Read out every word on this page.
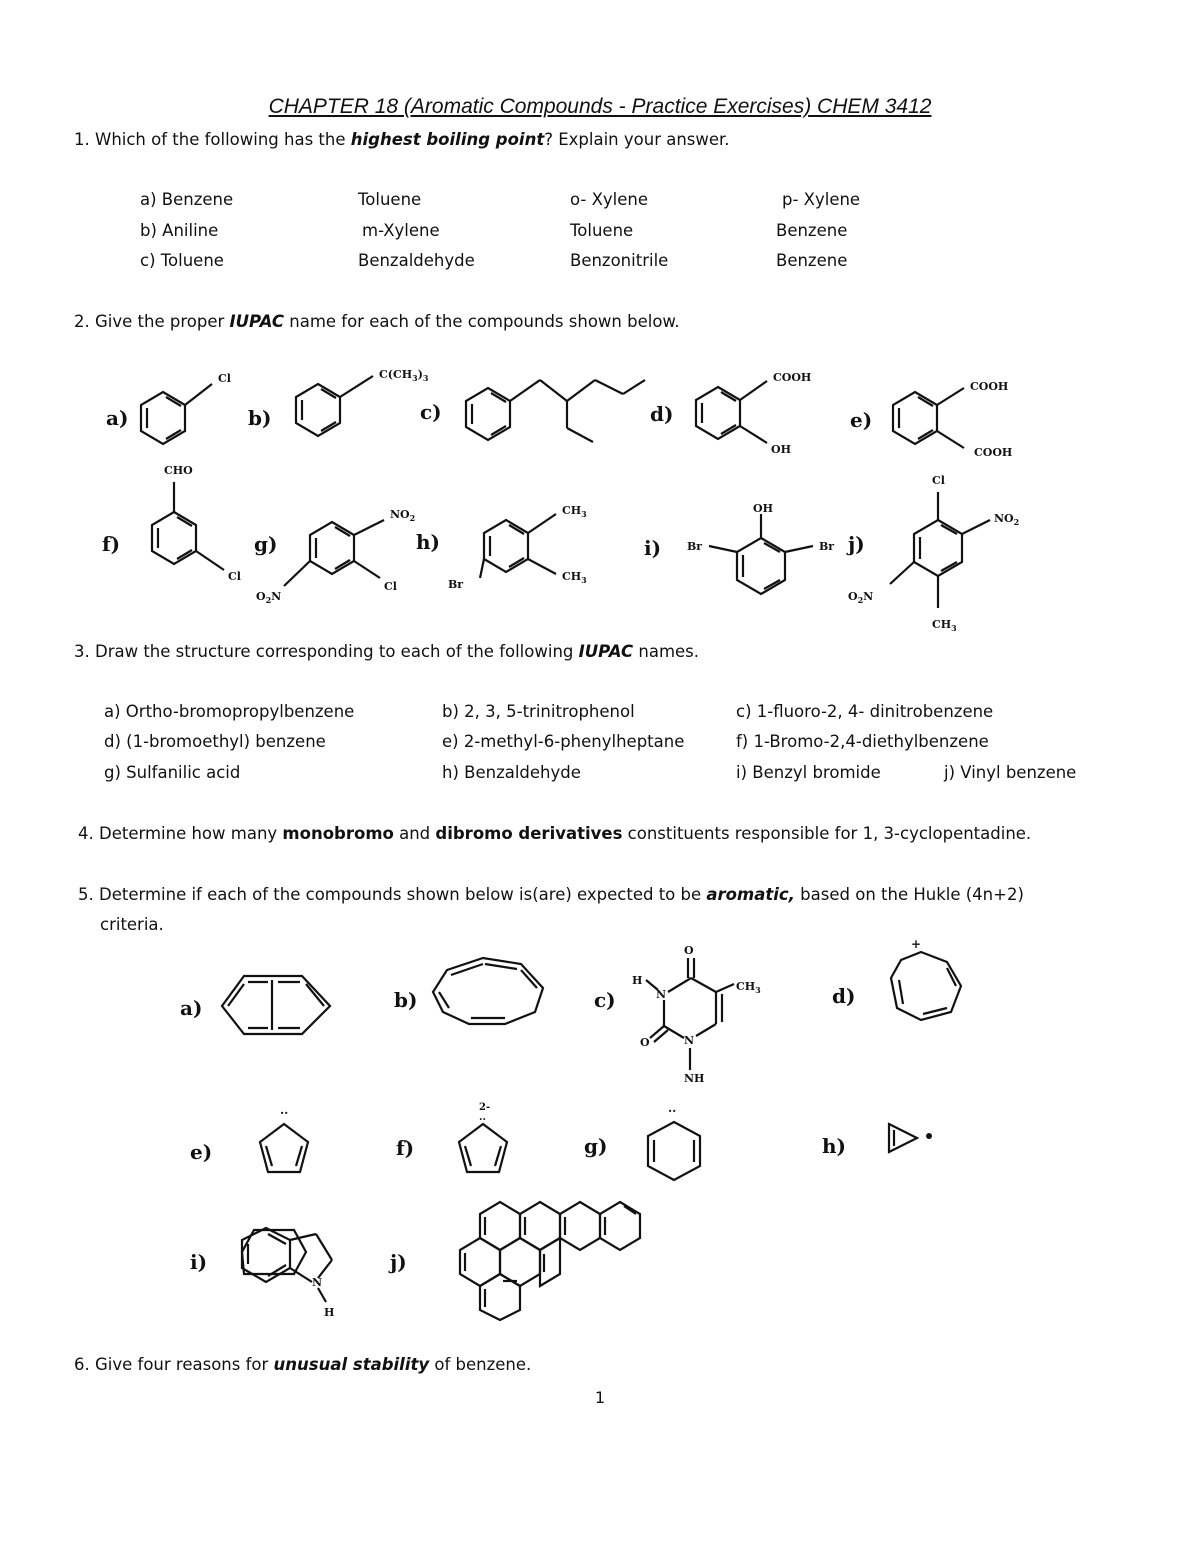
CHAPTER 18 (Aromatic Compounds - Practice Exercises) CHEM 3412
1. Which of the following has the highest boiling point? Explain your answer.
a) Benzene	Toluene	o- Xylene	p- Xylene
b) Aniline	m-Xylene	Toluene	Benzene
c) Toluene	Benzaldehyde	Benzonitrile	Benzene
2. Give the proper IUPAC name for each of the compounds shown below.
a)
Cl
b)
$C(CH_3)_3$
c)	d)
COOH
OH
e)
COOH
COOH
f)
CHO
Cl
g)
$NO_2$
Cl
$O_2N$
h)
$CH_3$
$CH_3$
Br
i)
OH
Br	Br j)
Cl
$NO_2$
$O_2N$
$CH_3$
3. Draw the structure corresponding to each of the following IUPAC names.
a) Ortho-bromopropylbenzene	b) 2, 3, 5-trinitrophenol	c) 1-fluoro-2, 4- dinitrobenzene
d) (1-bromoethyl) benzene	e) 2-methyl-6-phenylheptane	f) 1-Bromo-2,4-diethylbenzene
g) Sulfanilic acid	h) Benzaldehyde	i) Benzyl bromide	j) Vinyl benzene
4. Determine how many monobromo and dibromo derivatives constituents responsible for 1, 3-cyclopentadine.
5. Determine if each of the compounds shown below is(are) expected to be aromatic, based on the Hukle (4n+2)
criteria.
a)	b)	c)
O
H
N
$CH_3$
O	N
NH
d)
+
e)
..
f)
2-
..
g)
..
h)
i)
N
H
j)
6. Give four reasons for unusual stability of benzene.
1
